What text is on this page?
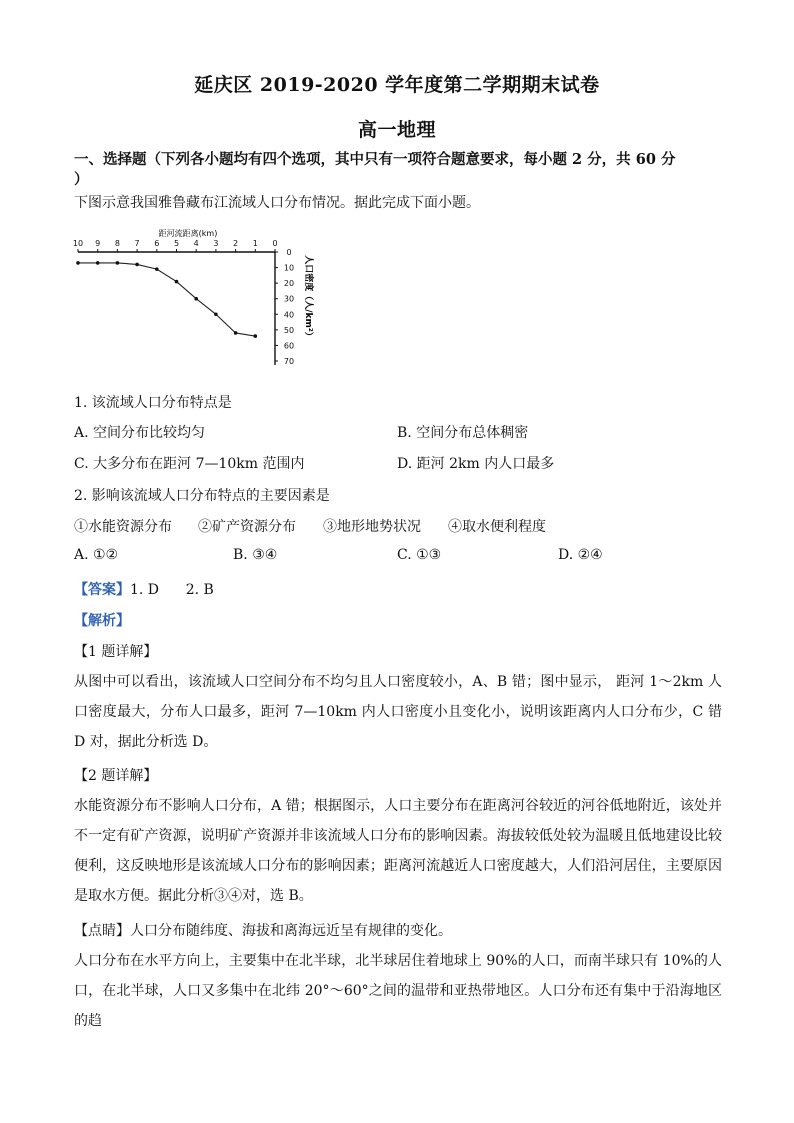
延庆区 2019-2020 学年度第二学期期末试卷
高一地理
一、选择题（下列各小题均有四个选项，其中只有一项符合题意要求，每小题 2 分，共 60 分
）
下图示意我国雅鲁藏布江流域人口分布情况。据此完成下面小题。
10 9 8 7 6 5 4 3 2 1 0
0
10
20
30
40
50
60
70
距河流距离(km)
人口密度（人/km²）
1. 该流域人口分布特点是
A. 空间分布比较均匀	B. 空间分布总体稠密
C. 大多分布在距河 7—10km 范围内	D. 距河 2km 内人口最多
2. 影响该流域人口分布特点的主要因素是
①水能资源分布 ②矿产资源分布 ③地形地势状况 ④取水便利程度
A. ①②	B. ③④	C. ①③	D. ②④
【答案】1. D      2. B
【解析】
【1 题详解】
从图中可以看出，该流域人口空间分布不均匀且人口密度较小，A、B 错；图中显示， 距河 1～2km 人口密度最大，分布人口最多，距河 7—10km 内人口密度小且变化小，说明该距离内人口分布少，C 错 D 对，据此分析选 D。
【2 题详解】
水能资源分布不影响人口分布，A 错；根据图示，人口主要分布在距离河谷较近的河谷低地附近，该处并不一定有矿产资源，说明矿产资源并非该流域人口分布的影响因素。海拔较低处较为温暖且低地建设比较便利，这反映地形是该流域人口分布的影响因素；距离河流越近人口密度越大，人们沿河居住，主要原因是取水方便。据此分析③④对，选 B。
【点睛】人口分布随纬度、海拔和离海远近呈有规律的变化。
人口分布在水平方向上，主要集中在北半球，北半球居住着地球上 90%的人口，而南半球只有 10%的人口，在北半球，人口又多集中在北纬 20°～60°之间的温带和亚热带地区。人口分布还有集中于沿海地区的趋
